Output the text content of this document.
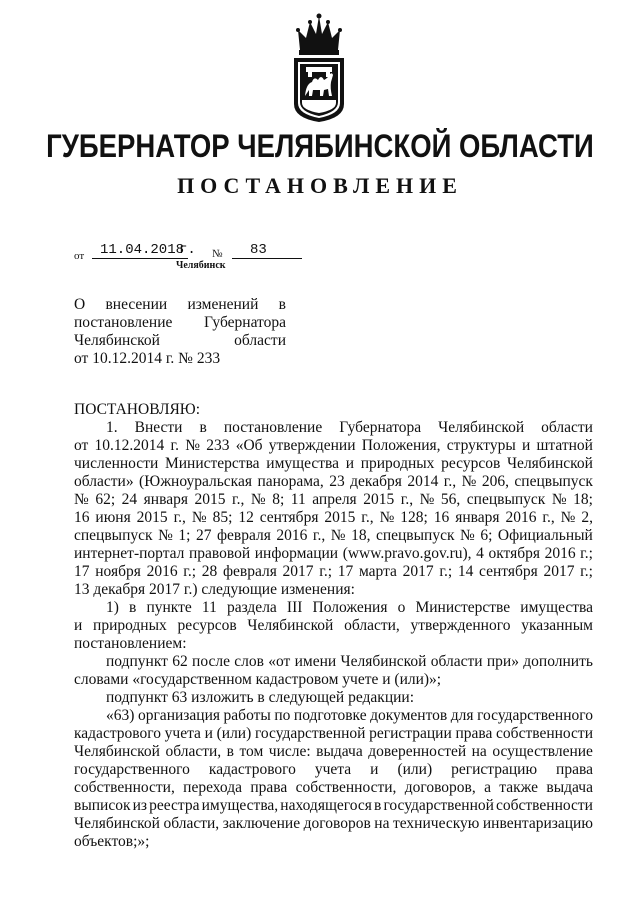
ГУБЕРНАТОР ЧЕЛЯБИНСКОЙ ОБЛАСТИ
ПОСТАНОВЛЕНИЕ
от	11.04.2018
г. №	83
Челябинск
О внесении изменений в
постановление Губернатора
Челябинской	области
от 10.12.2014 г. № 233
ПОСТАНОВЛЯЮ:
1. Внести в постановление Губернатора Челябинской области
от 10.12.2014 г. № 233 «Об утверждении Положения, структуры и штатной
численности Министерства имущества и природных ресурсов Челябинской
области» (Южноуральская панорама, 23 декабря 2014 г., № 206, спецвыпуск
№ 62; 24 января 2015 г., № 8; 11 апреля 2015 г., № 56, спецвыпуск № 18;
16 июня 2015 г., № 85; 12 сентября 2015 г., № 128; 16 января 2016 г., № 2,
спецвыпуск № 1; 27 февраля 2016 г., № 18, спецвыпуск № 6; Официальный
интернет-портал правовой информации (www.pravo.gov.ru), 4 октября 2016 г.;
17 ноября 2016 г.; 28 февраля 2017 г.; 17 марта 2017 г.; 14 сентября 2017 г.;
13 декабря 2017 г.) следующие изменения:
1) в пункте 11 раздела III Положения о Министерстве имущества
и природных ресурсов Челябинской области, утвержденного указанным
постановлением:
подпункт 62 после слов «от имени Челябинской области при» дополнить
словами «государственном кадастровом учете и (или)»;
подпункт 63 изложить в следующей редакции:
«63) организация работы по подготовке документов для государственного
кадастрового учета и (или) государственной регистрации права собственности
Челябинской области, в том числе: выдача доверенностей на осуществление
государственного кадастрового учета и (или) регистрацию права
собственности, перехода права собственности, договоров, а также выдача
выписок из реестра имущества, находящегося в государственной собственности
Челябинской области, заключение договоров на техническую инвентаризацию
объектов;»;
